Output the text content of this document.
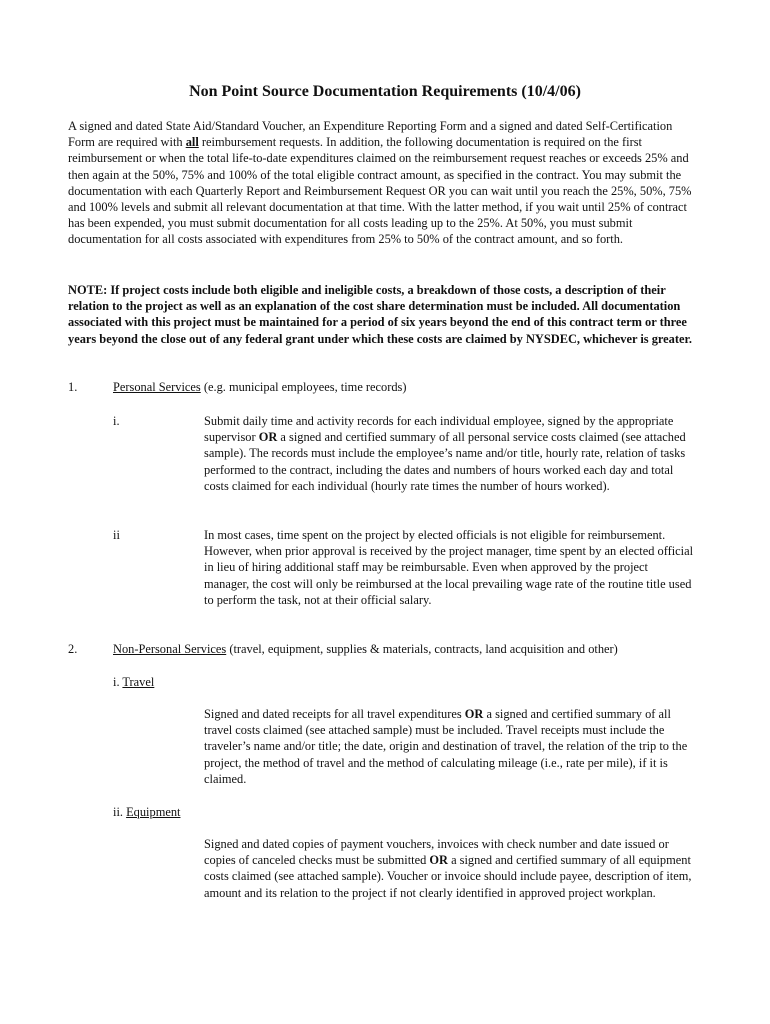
Non Point Source Documentation Requirements (10/4/06)

A signed and dated State Aid/Standard Voucher, an Expenditure Reporting Form and a signed and dated Self-Certification Form are required with all reimbursement requests. In addition, the following documentation is required on the first reimbursement or when the total life-to-date expenditures claimed on the reimbursement request reaches or exceeds 25% and then again at the 50%, 75% and 100% of the total eligible contract amount, as specified in the contract. You may submit the documentation with each Quarterly Report and Reimbursement Request OR you can wait until you reach the 25%, 50%, 75% and 100% levels and submit all relevant documentation at that time. With the latter method, if you wait until 25% of contract has been expended, you must submit documentation for all costs leading up to the 25%. At 50%, you must submit documentation for all costs associated with expenditures from 25% to 50% of the contract amount, and so forth.

NOTE: If project costs include both eligible and ineligible costs, a breakdown of those costs, a description of their relation to the project as well as an explanation of the cost share determination must be included. All documentation associated with this project must be maintained for a period of six years beyond the end of this contract term or three years beyond the close out of any federal grant under which these costs are claimed by NYSDEC, whichever is greater.

1.	Personal Services (e.g. municipal employees, time records)
i.	Submit daily time and activity records for each individual employee, signed by the appropriate supervisor OR a signed and certified summary of all personal service costs claimed (see attached sample). The records must include the employee’s name and/or title, hourly rate, relation of tasks performed to the contract, including the dates and numbers of hours worked each day and total costs claimed for each individual (hourly rate times the number of hours worked).

ii	In most cases, time spent on the project by elected officials is not eligible for reimbursement. However, when prior approval is received by the project manager, time spent by an elected official in lieu of hiring additional staff may be reimbursable. Even when approved by the project manager, the cost will only be reimbursed at the local prevailing wage rate of the routine title used to perform the task, not at their official salary.

2.	Non-Personal Services (travel, equipment, supplies & materials, contracts, land acquisition and other)
i. Travel

Signed and dated receipts for all travel expenditures OR a signed and certified summary of all travel costs claimed (see attached sample) must be included. Travel receipts must include the traveler’s name and/or title; the date, origin and destination of travel, the relation of the trip to the project, the method of travel and the method of calculating mileage (i.e., rate per mile), if it is claimed.

ii. Equipment

Signed and dated copies of payment vouchers, invoices with check number and date issued or copies of canceled checks must be submitted OR a signed and certified summary of all equipment costs claimed (see attached sample). Voucher or invoice should include payee, description of item, amount and its relation to the project if not clearly identified in approved project workplan.
